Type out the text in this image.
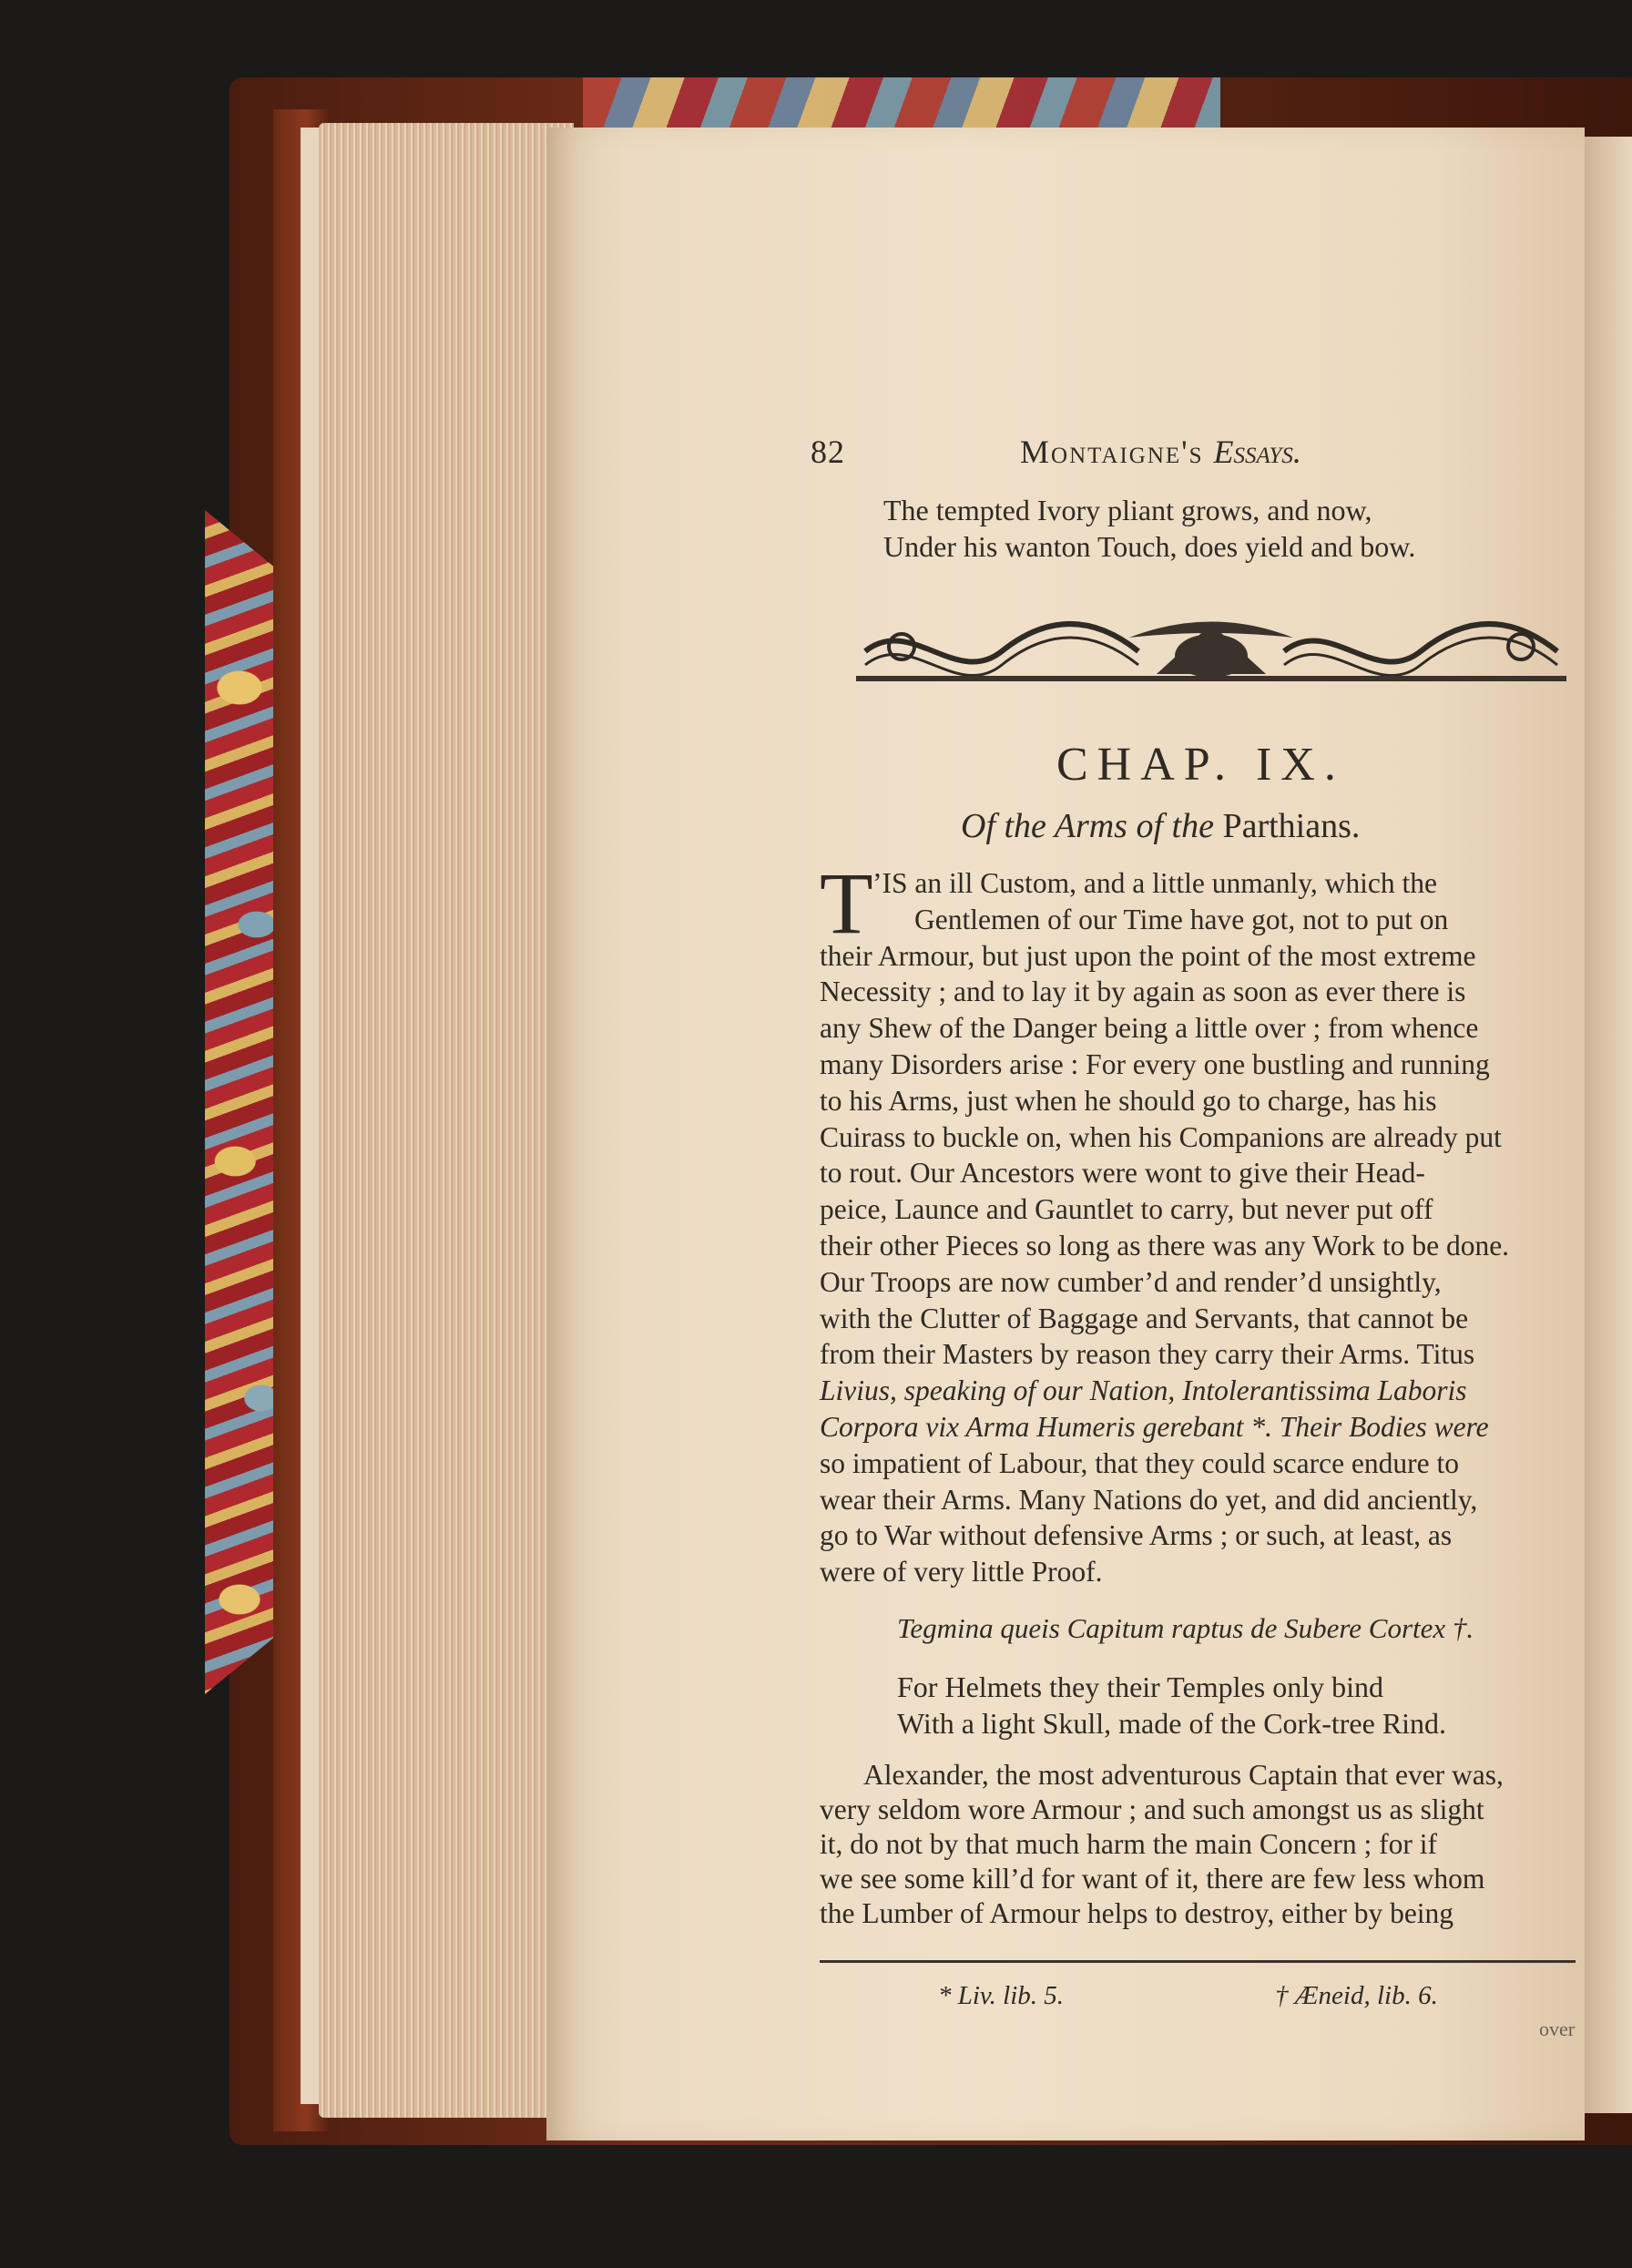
82	Montaigne's Essays.
The tempted Ivory pliant grows, and now,
Under his wanton Touch, does yield and bow.
CHAP. IX.
Of the Arms of the Parthians.
T ’IS an ill Custom, and a little unmanly, which the
Gentlemen of our Time have got, not to put on
their Armour, but just upon the point of the most extreme
Necessity ; and to lay it by again as soon as ever there is
any Shew of the Danger being a little over ; from whence
many Disorders arise : For every one bustling and running
to his Arms, just when he should go to charge, has his
Cuirass to buckle on, when his Companions are already put
to rout. Our Ancestors were wont to give their Head-
peice, Launce and Gauntlet to carry, but never put off
their other Pieces so long as there was any Work to be done.
Our Troops are now cumber’d and render’d unsightly,
with the Clutter of Baggage and Servants, that cannot be
from their Masters by reason they carry their Arms. Titus
Livius, speaking of our Nation, Intolerantissima Laboris
Corpora vix Arma Humeris gerebant *. Their Bodies were
so impatient of Labour, that they could scarce endure to
wear their Arms. Many Nations do yet, and did anciently,
go to War without defensive Arms ; or such, at least, as
were of very little Proof.
Tegmina queis Capitum raptus de Subere Cortex †.
For Helmets they their Temples only bind
With a light Skull, made of the Cork-tree Rind.
Alexander, the most adventurous Captain that ever was,
very seldom wore Armour ; and such amongst us as slight
it, do not by that much harm the main Concern ; for if
we see some kill’d for want of it, there are few less whom
the Lumber of Armour helps to destroy, either by being
* Liv. lib. 5.	† Æneid, lib. 6.
over
